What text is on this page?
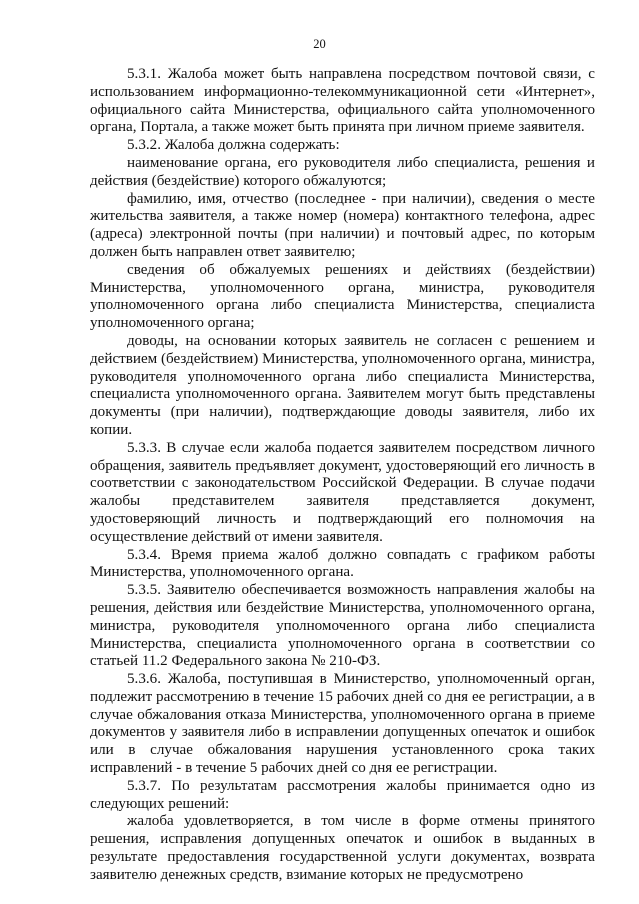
20

5.3.1. Жалоба может быть направлена посредством почтовой связи, с использованием информационно-телекоммуникационной сети «Интернет», официального сайта Министерства, официального сайта уполномоченного органа, Портала, а также может быть принята при личном приеме заявителя.

5.3.2. Жалоба должна содержать:

наименование органа, его руководителя либо специалиста, решения и действия (бездействие) которого обжалуются;

фамилию, имя, отчество (последнее - при наличии), сведения о месте жительства заявителя, а также номер (номера) контактного телефона, адрес (адреса) электронной почты (при наличии) и почтовый адрес, по которым должен быть направлен ответ заявителю;

сведения об обжалуемых решениях и действиях (бездействии) Министерства, уполномоченного органа, министра, руководителя уполномоченного органа либо специалиста Министерства, специалиста уполномоченного органа;

доводы, на основании которых заявитель не согласен с решением и действием (бездействием) Министерства, уполномоченного органа, министра, руководителя уполномоченного органа либо специалиста Министерства, специалиста уполномоченного органа. Заявителем могут быть представлены документы (при наличии), подтверждающие доводы заявителя, либо их копии.

5.3.3. В случае если жалоба подается заявителем посредством личного обращения, заявитель предъявляет документ, удостоверяющий его личность в соответствии с законодательством Российской Федерации. В случае подачи жалобы представителем заявителя представляется документ, удостоверяющий личность и подтверждающий его полномочия на осуществление действий от имени заявителя.

5.3.4. Время приема жалоб должно совпадать с графиком работы Министерства, уполномоченного органа.

5.3.5. Заявителю обеспечивается возможность направления жалобы на решения, действия или бездействие Министерства, уполномоченного органа, министра, руководителя уполномоченного органа либо специалиста Министерства, специалиста уполномоченного органа в соответствии со статьей 11.2 Федерального закона № 210-ФЗ.

5.3.6. Жалоба, поступившая в Министерство, уполномоченный орган, подлежит рассмотрению в течение 15 рабочих дней со дня ее регистрации, а в случае обжалования отказа Министерства, уполномоченного органа в приеме документов у заявителя либо в исправлении допущенных опечаток и ошибок или в случае обжалования нарушения установленного срока таких исправлений - в течение 5 рабочих дней со дня ее регистрации.

5.3.7. По результатам рассмотрения жалобы принимается одно из следующих решений:

жалоба удовлетворяется, в том числе в форме отмены принятого решения, исправления допущенных опечаток и ошибок в выданных в результате предоставления государственной услуги документах, возврата заявителю денежных средств, взимание которых не предусмотрено
